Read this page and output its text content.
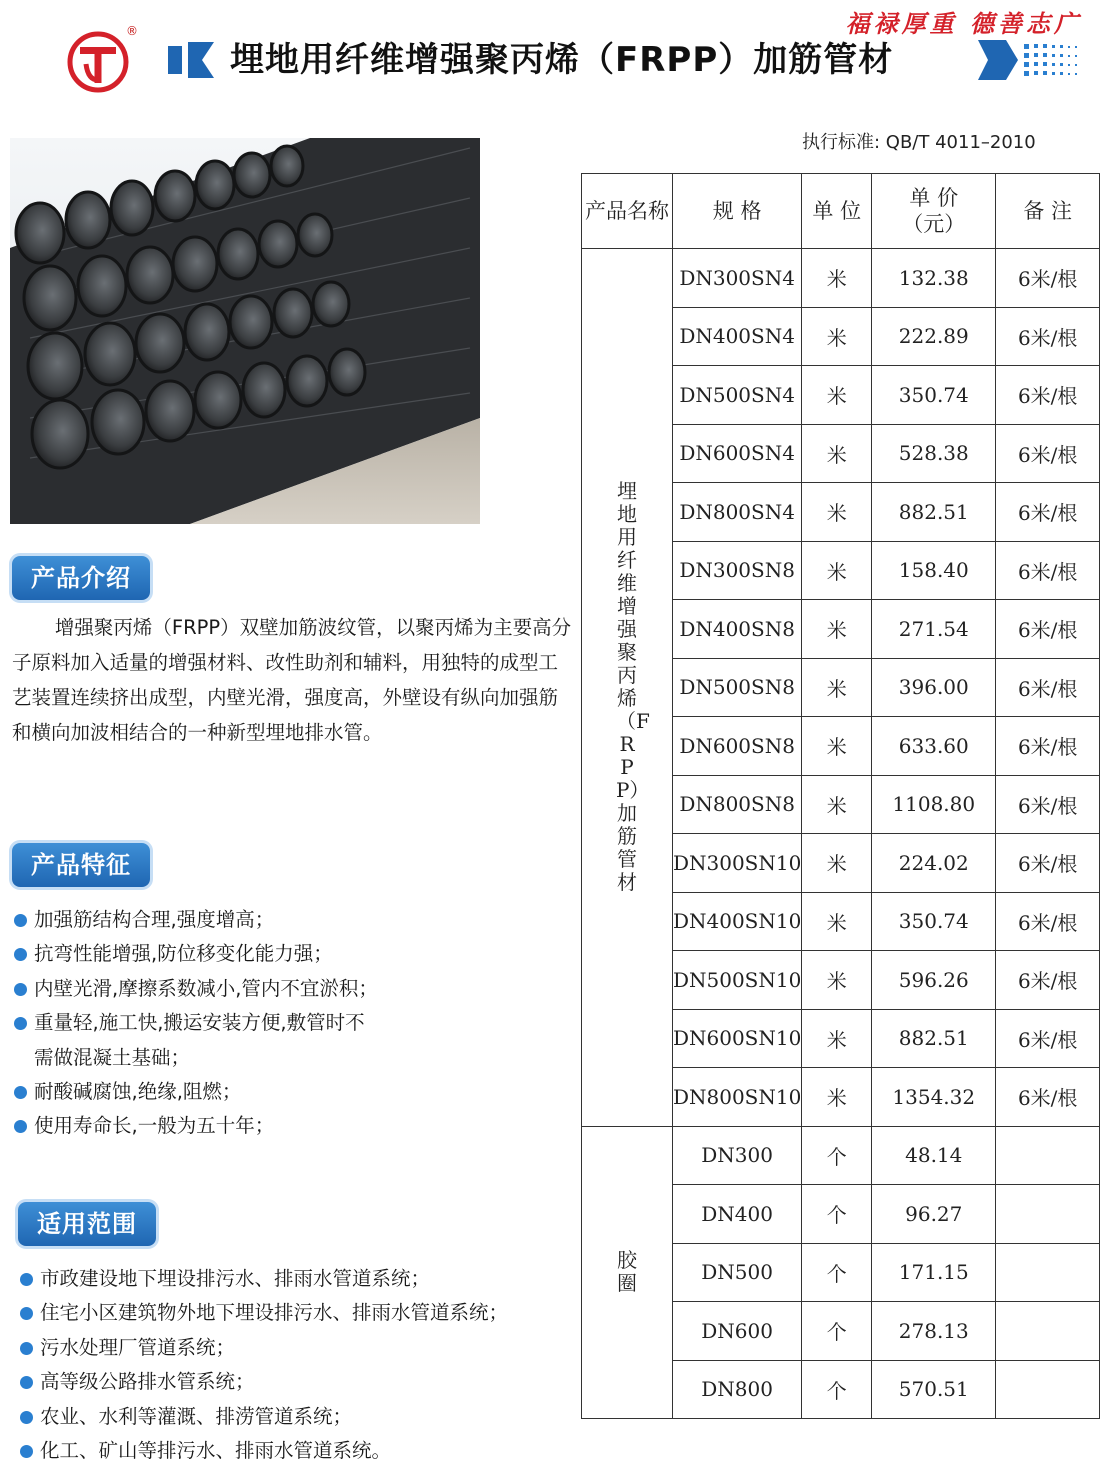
®	福禄厚重 德善志广
埋地用纤维增强聚丙烯（FRPP）加筋管材
执行标准: QB/T 4011–2010
产品介绍

增强聚丙烯（FRPP）双壁加筋波纹管，以聚丙烯为主要高分子原料加入适量的增强材料、改性助剂和辅料，用独特的成型工艺装置连续挤出成型，内壁光滑，强度高，外壁设有纵向加强筋和横向加波相结合的一种新型埋地排水管。

产品特征
加强筋结构合理,强度增高；
抗弯性能增强,防位移变化能力强；
内壁光滑,摩擦系数减小,管内不宜淤积；
重量轻,施工快,搬运安装方便,敷管时不
需做混凝土基础；
耐酸碱腐蚀,绝缘,阻燃；
使用寿命长,一般为五十年；
适用范围
市政建设地下埋设排污水、排雨水管道系统；
住宅小区建筑物外地下埋设排污水、排雨水管道系统；
污水处理厂管道系统；
高等级公路排水管系统；
农业、水利等灌溉、排涝管道系统；
化工、矿山等排污水、排雨水管道系统。
产品名称	规 格	单 位	单 价
（元）	备 注
埋地用纤维增强聚丙烯（FRPP）加筋管材	DN300SN4	米	132.38	6米/根
	DN400SN4	米	222.89	6米/根
	DN500SN4	米	350.74	6米/根
	DN600SN4	米	528.38	6米/根
	DN800SN4	米	882.51	6米/根
	DN300SN8	米	158.40	6米/根
	DN400SN8	米	271.54	6米/根
	DN500SN8	米	396.00	6米/根
	DN600SN8	米	633.60	6米/根
	DN800SN8	米	1108.80	6米/根
	DN300SN10	米	224.02	6米/根
	DN400SN10	米	350.74	6米/根
	DN500SN10	米	596.26	6米/根
	DN600SN10	米	882.51	6米/根
	DN800SN10	米	1354.32	6米/根
胶圈	DN300	个	48.14	
	DN400	个	96.27	
	DN500	个	171.15	
	DN600	个	278.13	
	DN800	个	570.51	
